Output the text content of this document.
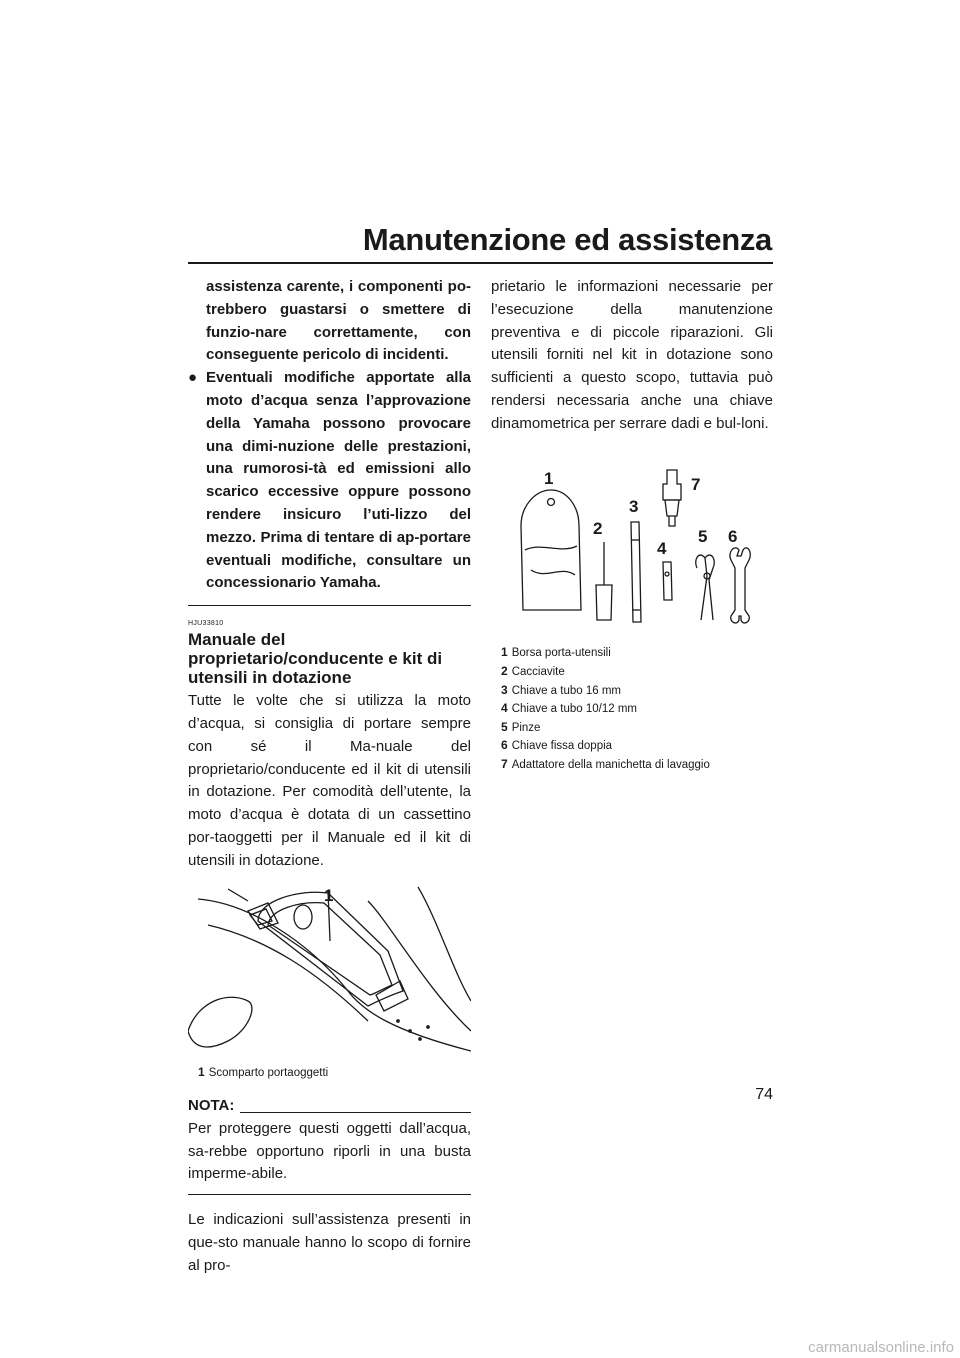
Manutenzione ed assistenza
assistenza carente, i componenti po-trebbero guastarsi o smettere di funzio-nare correttamente, con conseguente pericolo di incidenti.
● Eventuali modifiche apportate alla moto d’acqua senza l’approvazione della Yamaha possono provocare una dimi-nuzione delle prestazioni, una rumorosi-tà ed emissioni allo scarico eccessive oppure possono rendere insicuro l’uti-lizzo del mezzo. Prima di tentare di ap-portare eventuali modifiche, consultare un concessionario Yamaha.
HJU33810
Manuale del proprietario/conducente e kit di utensili in dotazione
Tutte le volte che si utilizza la moto d’acqua, si consiglia di portare sempre con sé il Ma-nuale del proprietario/conducente ed il kit di utensili in dotazione. Per comodità dell’utente, la moto d’acqua è dotata di un cassettino por-taoggetti per il Manuale ed il kit di utensili in dotazione.
1
1 Scomparto portaoggetti
NOTA:
Per proteggere questi oggetti dall’acqua, sa-rebbe opportuno riporli in una busta imperme-abile.
Le indicazioni sull’assistenza presenti in que-sto manuale hanno lo scopo di fornire al pro-
prietario le informazioni necessarie per l’esecuzione della manutenzione preventiva e di piccole riparazioni. Gli utensili forniti nel kit in dotazione sono sufficienti a questo scopo, tuttavia può rendersi necessaria anche una chiave dinamometrica per serrare dadi e bul-loni.
1
2
3
4
5 6
7
1 Borsa porta-utensili
2 Cacciavite
3 Chiave a tubo 16 mm
4 Chiave a tubo 10/12 mm
5 Pinze
6 Chiave fissa doppia
7 Adattatore della manichetta di lavaggio
74
carmanualsonline.info
